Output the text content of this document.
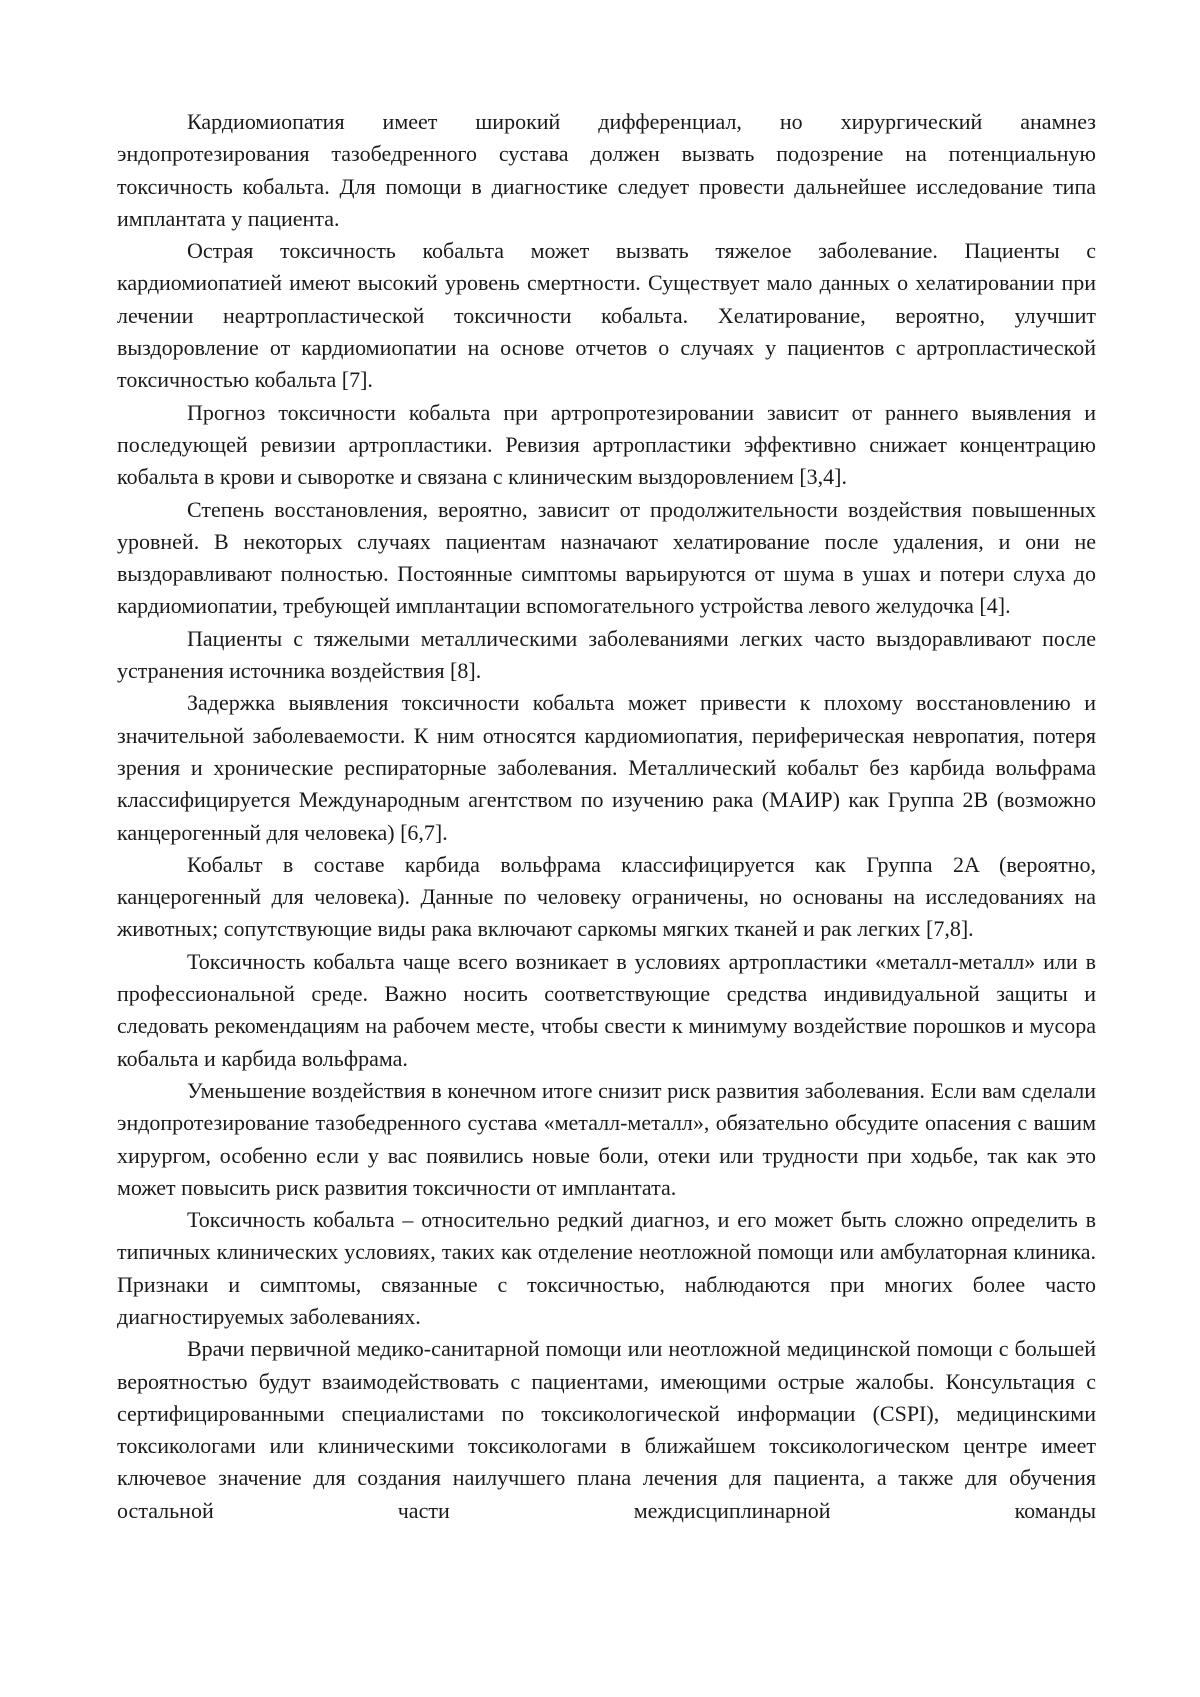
Кардиомиопатия имеет широкий дифференциал, но хирургический анамнез эндопротезирования тазобедренного сустава должен вызвать подозрение на потенциальную токсичность кобальта. Для помощи в диагностике следует провести дальнейшее исследование типа имплантата у пациента.

Острая токсичность кобальта может вызвать тяжелое заболевание. Пациенты с кардиомиопатией имеют высокий уровень смертности. Существует мало данных о хелатировании при лечении неартропластической токсичности кобальта. Хелатирование, вероятно, улучшит выздоровление от кардиомиопатии на основе отчетов о случаях у пациентов с артропластической токсичностью кобальта [7].

Прогноз токсичности кобальта при артропротезировании зависит от раннего выявления и последующей ревизии артропластики. Ревизия артропластики эффективно снижает концентрацию кобальта в крови и сыворотке и связана с клиническим выздоровлением [3,4].

Степень восстановления, вероятно, зависит от продолжительности воздействия повышенных уровней. В некоторых случаях пациентам назначают хелатирование после удаления, и они не выздоравливают полностью. Постоянные симптомы варьируются от шума в ушах и потери слуха до кардиомиопатии, требующей имплантации вспомогательного устройства левого желудочка [4].

Пациенты с тяжелыми металлическими заболеваниями легких часто выздоравливают после устранения источника воздействия [8].

Задержка выявления токсичности кобальта может привести к плохому восстановлению и значительной заболеваемости. К ним относятся кардиомиопатия, периферическая невропатия, потеря зрения и хронические респираторные заболевания. Металлический кобальт без карбида вольфрама классифицируется Международным агентством по изучению рака (МАИР) как Группа 2B (возможно канцерогенный для человека) [6,7].

Кобальт в составе карбида вольфрама классифицируется как Группа 2A (вероятно, канцерогенный для человека). Данные по человеку ограничены, но основаны на исследованиях на животных; сопутствующие виды рака включают саркомы мягких тканей и рак легких [7,8].

Токсичность кобальта чаще всего возникает в условиях артропластики «металл-металл» или в профессиональной среде. Важно носить соответствующие средства индивидуальной защиты и следовать рекомендациям на рабочем месте, чтобы свести к минимуму воздействие порошков и мусора кобальта и карбида вольфрама.

Уменьшение воздействия в конечном итоге снизит риск развития заболевания. Если вам сделали эндопротезирование тазобедренного сустава «металл-металл», обязательно обсудите опасения с вашим хирургом, особенно если у вас появились новые боли, отеки или трудности при ходьбе, так как это может повысить риск развития токсичности от имплантата.

Токсичность кобальта – относительно редкий диагноз, и его может быть сложно определить в типичных клинических условиях, таких как отделение неотложной помощи или амбулаторная клиника. Признаки и симптомы, связанные с токсичностью, наблюдаются при многих более часто диагностируемых заболеваниях.

Врачи первичной медико-санитарной помощи или неотложной медицинской помощи с большей вероятностью будут взаимодействовать с пациентами, имеющими острые жалобы. Консультация с сертифицированными специалистами по токсикологической информации (CSPI), медицинскими токсикологами или клиническими токсикологами в ближайшем токсикологическом центре имеет ключевое значение для создания наилучшего плана лечения для пациента, а также для обучения остальной части междисциплинарной команды
